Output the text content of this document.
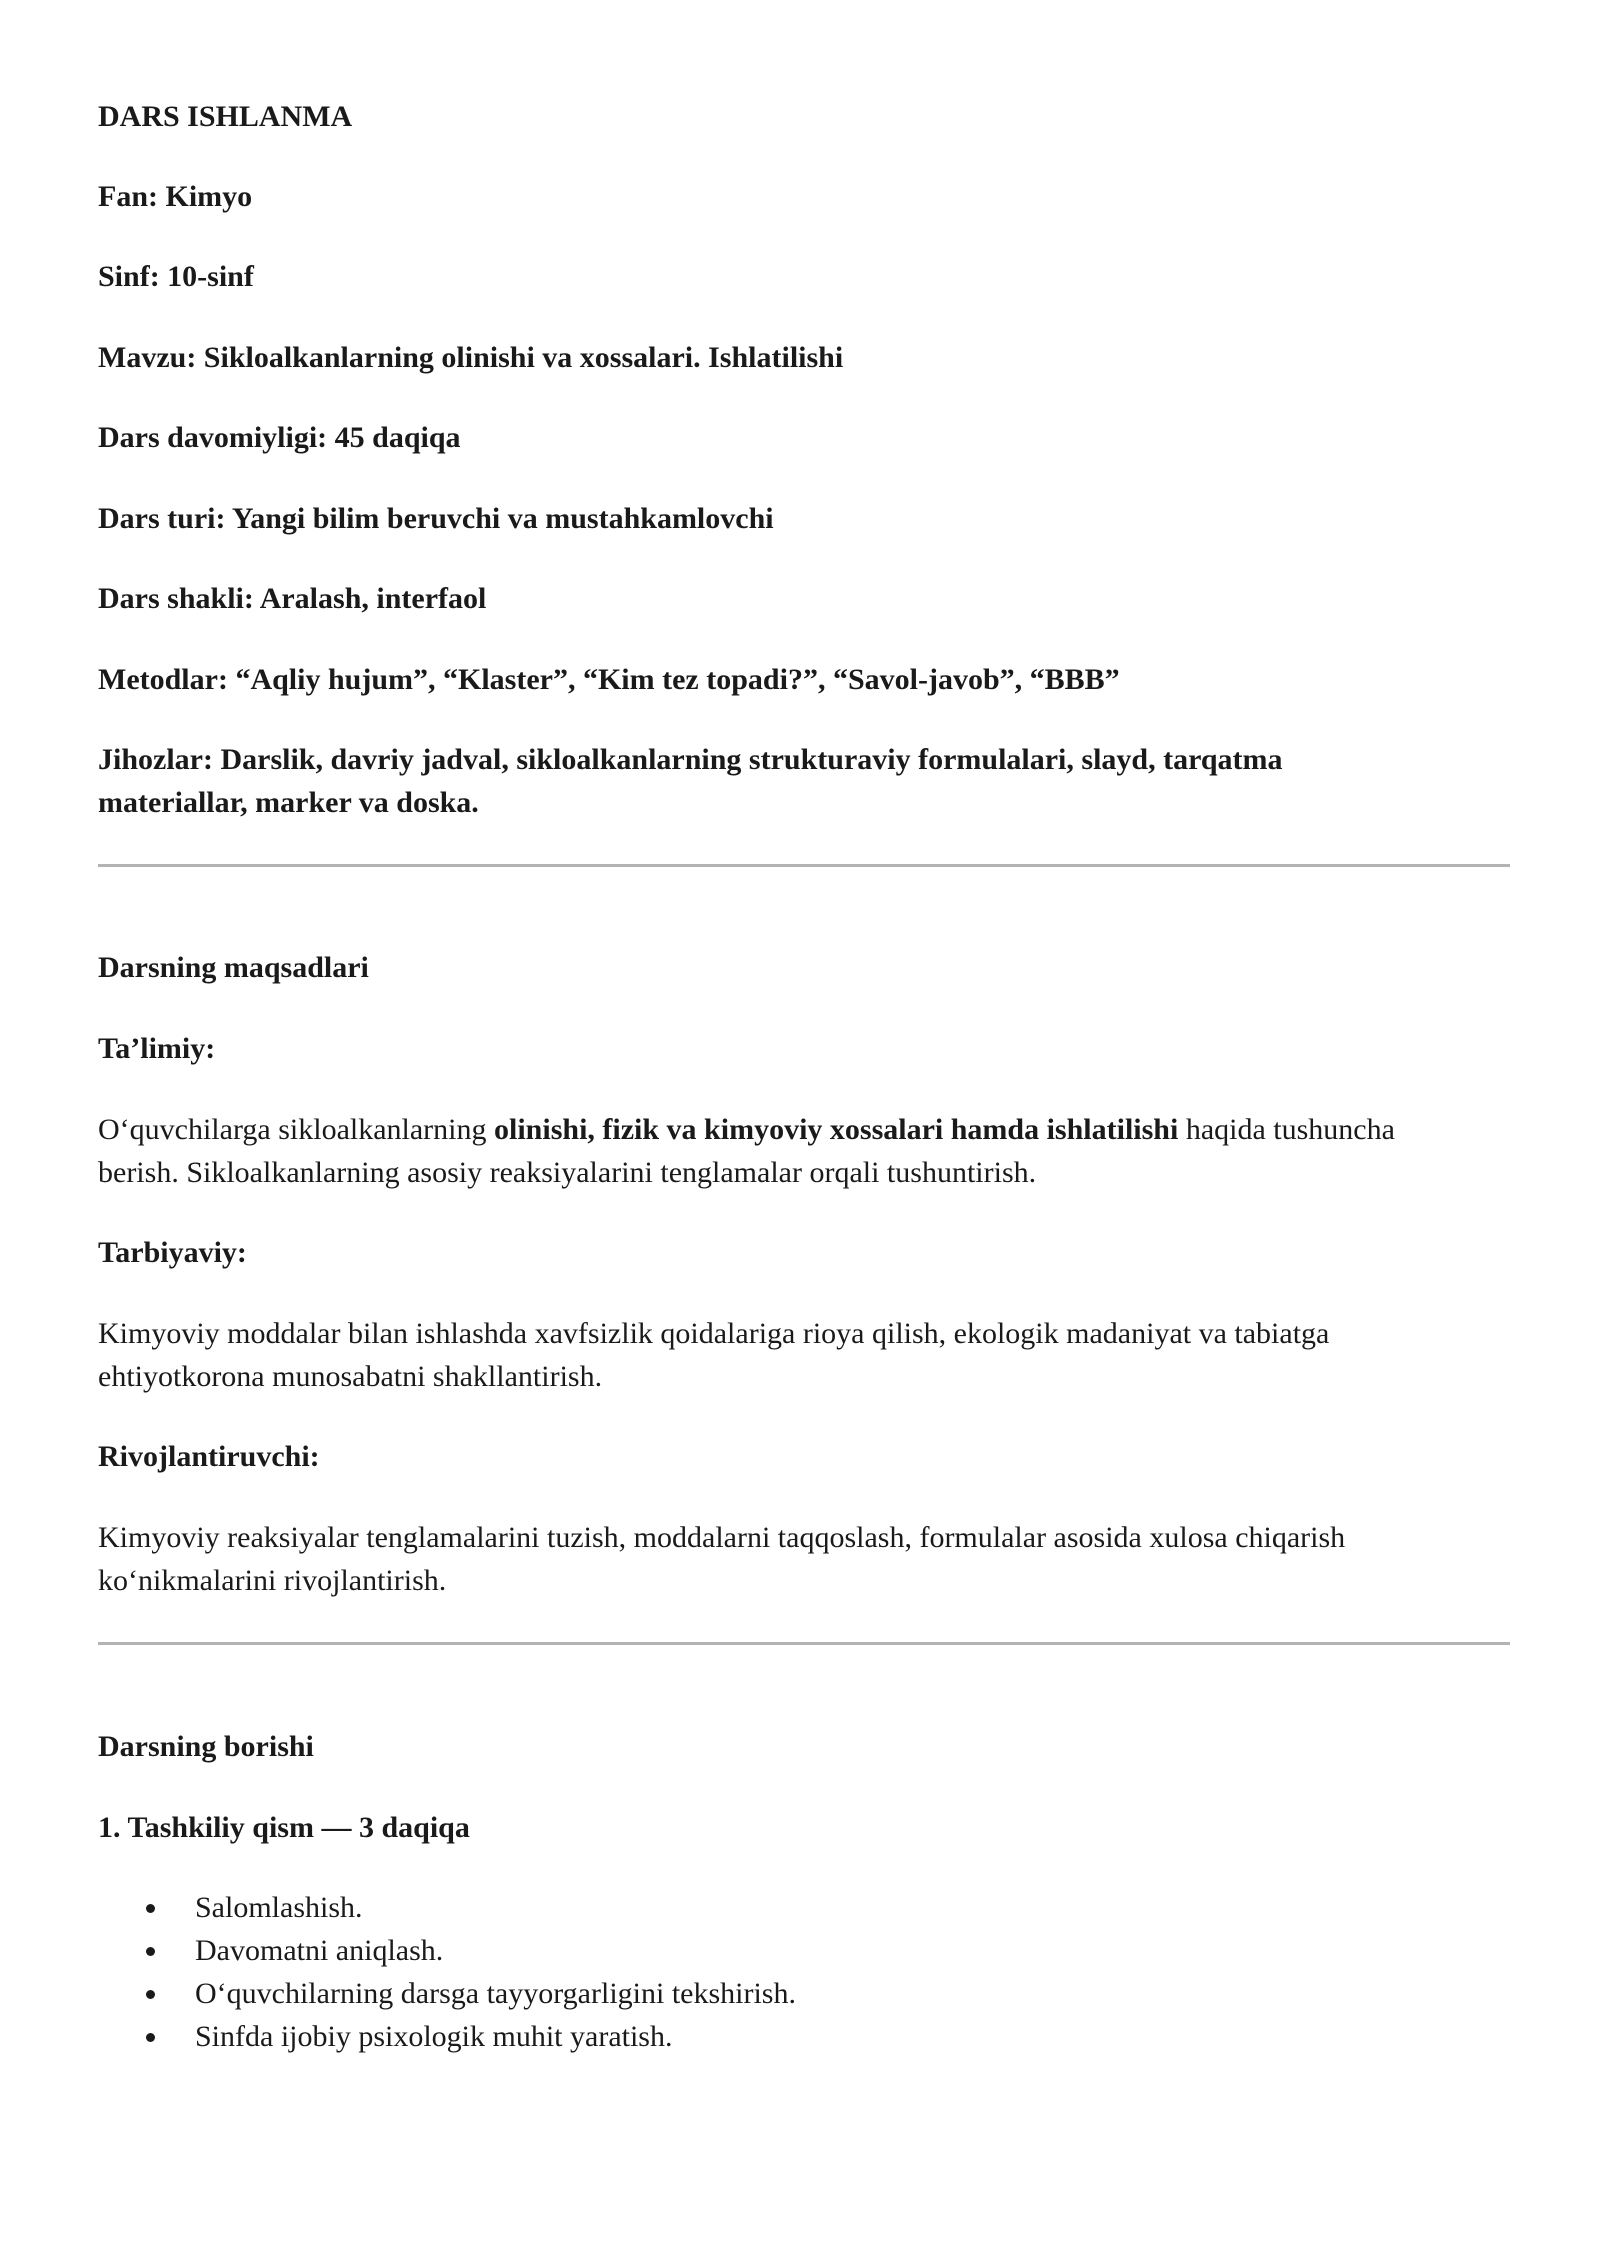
DARS ISHLANMA
Fan: Kimyo
Sinf: 10-sinf
Mavzu: Sikloalkanlarning olinishi va xossalari. Ishlatilishi
Dars davomiyligi: 45 daqiqa
Dars turi: Yangi bilim beruvchi va mustahkamlovchi
Dars shakli: Aralash, interfaol
Metodlar: “Aqliy hujum”, “Klaster”, “Kim tez topadi?”, “Savol-javob”, “BBB”
Jihozlar: Darslik, davriy jadval, sikloalkanlarning strukturaviy formulalari, slayd, tarqatma
materiallar, marker va doska.
Darsning maqsadlari
Ta’limiy:
O‘quvchilarga sikloalkanlarning olinishi, fizik va kimyoviy xossalari hamda ishlatilishi haqida tushuncha
berish. Sikloalkanlarning asosiy reaksiyalarini tenglamalar orqali tushuntirish.
Tarbiyaviy:
Kimyoviy moddalar bilan ishlashda xavfsizlik qoidalariga rioya qilish, ekologik madaniyat va tabiatga
ehtiyotkorona munosabatni shakllantirish.
Rivojlantiruvchi:
Kimyoviy reaksiyalar tenglamalarini tuzish, moddalarni taqqoslash, formulalar asosida xulosa chiqarish
ko‘nikmalarini rivojlantirish.
Darsning borishi
1. Tashkiliy qism — 3 daqiqa
Salomlashish.
Davomatni aniqlash.
O‘quvchilarning darsga tayyorgarligini tekshirish.
Sinfda ijobiy psixologik muhit yaratish.
